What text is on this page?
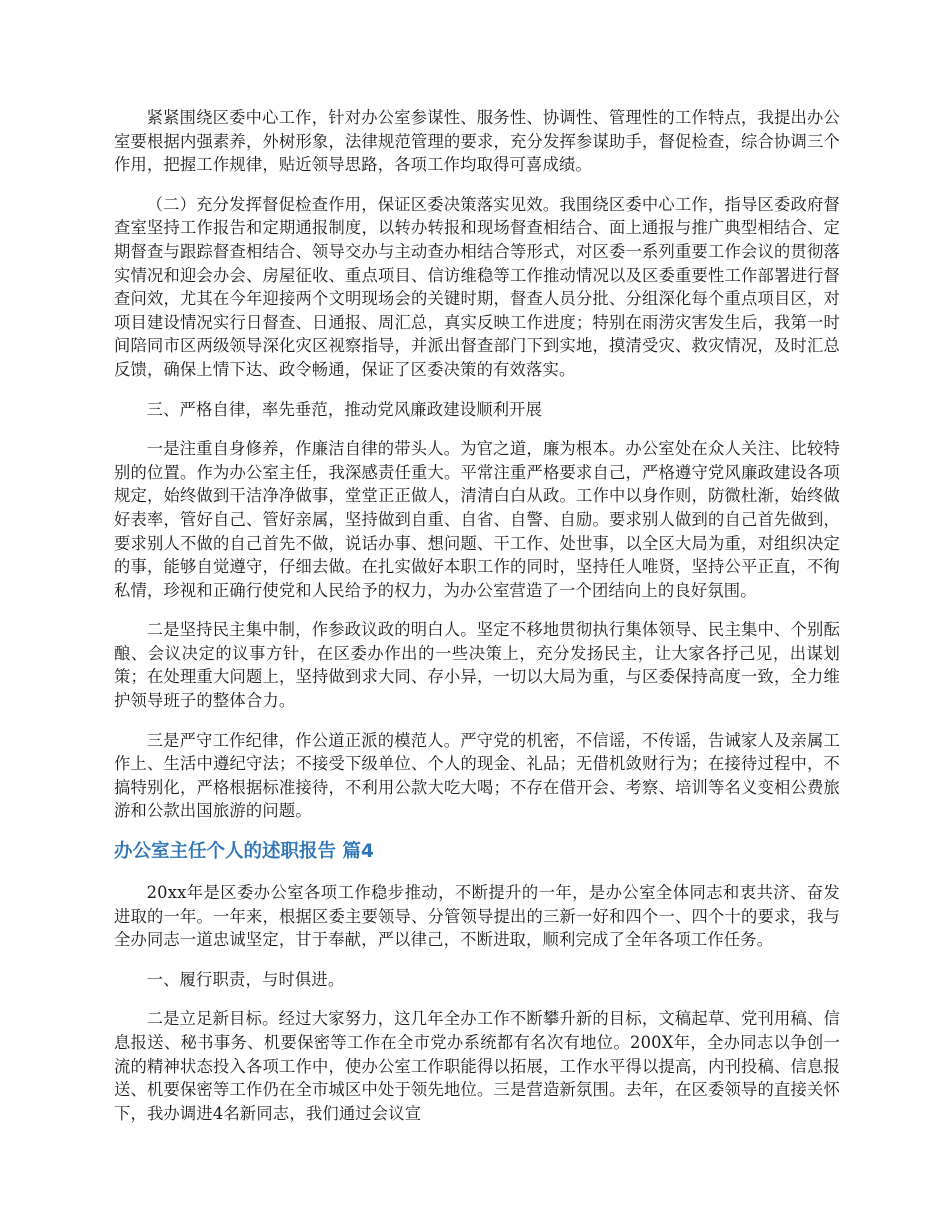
紧紧围绕区委中心工作，针对办公室参谋性、服务性、协调性、管理性的工作特点，我提出办公室要根据内强素养，外树形象，法律规范管理的要求，充分发挥参谋助手，督促检查，综合协调三个作用，把握工作规律，贴近领导思路，各项工作均取得可喜成绩。

（二）充分发挥督促检查作用，保证区委决策落实见效。我围绕区委中心工作，指导区委政府督查室坚持工作报告和定期通报制度，以转办转报和现场督查相结合、面上通报与推广典型相结合、定期督查与跟踪督查相结合、领导交办与主动查办相结合等形式，对区委一系列重要工作会议的贯彻落实情况和迎会办会、房屋征收、重点项目、信访维稳等工作推动情况以及区委重要性工作部署进行督查问效，尤其在今年迎接两个文明现场会的关键时期，督查人员分批、分组深化每个重点项目区，对项目建设情况实行日督查、日通报、周汇总，真实反映工作进度；特别在雨涝灾害发生后，我第一时间陪同市区两级领导深化灾区视察指导，并派出督查部门下到实地，摸清受灾、救灾情况，及时汇总反馈，确保上情下达、政令畅通，保证了区委决策的有效落实。

三、严格自律，率先垂范，推动党风廉政建设顺利开展

一是注重自身修养，作廉洁自律的带头人。为官之道，廉为根本。办公室处在众人关注、比较特别的位置。作为办公室主任，我深感责任重大。平常注重严格要求自己，严格遵守党风廉政建设各项规定，始终做到干洁净净做事，堂堂正正做人，清清白白从政。工作中以身作则，防微杜渐，始终做好表率，管好自己、管好亲属，坚持做到自重、自省、自警、自励。要求别人做到的自己首先做到，要求别人不做的自己首先不做，说话办事、想问题、干工作、处世事，以全区大局为重，对组织决定的事，能够自觉遵守，仔细去做。在扎实做好本职工作的同时，坚持任人唯贤，坚持公平正直，不徇私情，珍视和正确行使党和人民给予的权力，为办公室营造了一个团结向上的良好氛围。

二是坚持民主集中制，作参政议政的明白人。坚定不移地贯彻执行集体领导、民主集中、个别酝酿、会议决定的议事方针，在区委办作出的一些决策上，充分发扬民主，让大家各抒己见，出谋划策；在处理重大问题上，坚持做到求大同、存小异，一切以大局为重，与区委保持高度一致，全力维护领导班子的整体合力。

三是严守工作纪律，作公道正派的模范人。严守党的机密，不信谣，不传谣，告诫家人及亲属工作上、生活中遵纪守法；不接受下级单位、个人的现金、礼品；无借机敛财行为；在接待过程中，不搞特别化，严格根据标准接待，不利用公款大吃大喝；不存在借开会、考察、培训等名义变相公费旅游和公款出国旅游的问题。

办公室主任个人的述职报告 篇4

20xx年是区委办公室各项工作稳步推动，不断提升的一年，是办公室全体同志和衷共济、奋发进取的一年。一年来，根据区委主要领导、分管领导提出的三新一好和四个一、四个十的要求，我与全办同志一道忠诚坚定，甘于奉献，严以律己，不断进取，顺利完成了全年各项工作任务。

一、履行职责，与时俱进。

二是立足新目标。经过大家努力，这几年全办工作不断攀升新的目标，文稿起草、党刊用稿、信息报送、秘书事务、机要保密等工作在全市党办系统都有名次有地位。200X年，全办同志以争创一流的精神状态投入各项工作中，使办公室工作职能得以拓展，工作水平得以提高，内刊投稿、信息报送、机要保密等工作仍在全市城区中处于领先地位。三是营造新氛围。去年，在区委领导的直接关怀下，我办调进4名新同志，我们通过会议宣
